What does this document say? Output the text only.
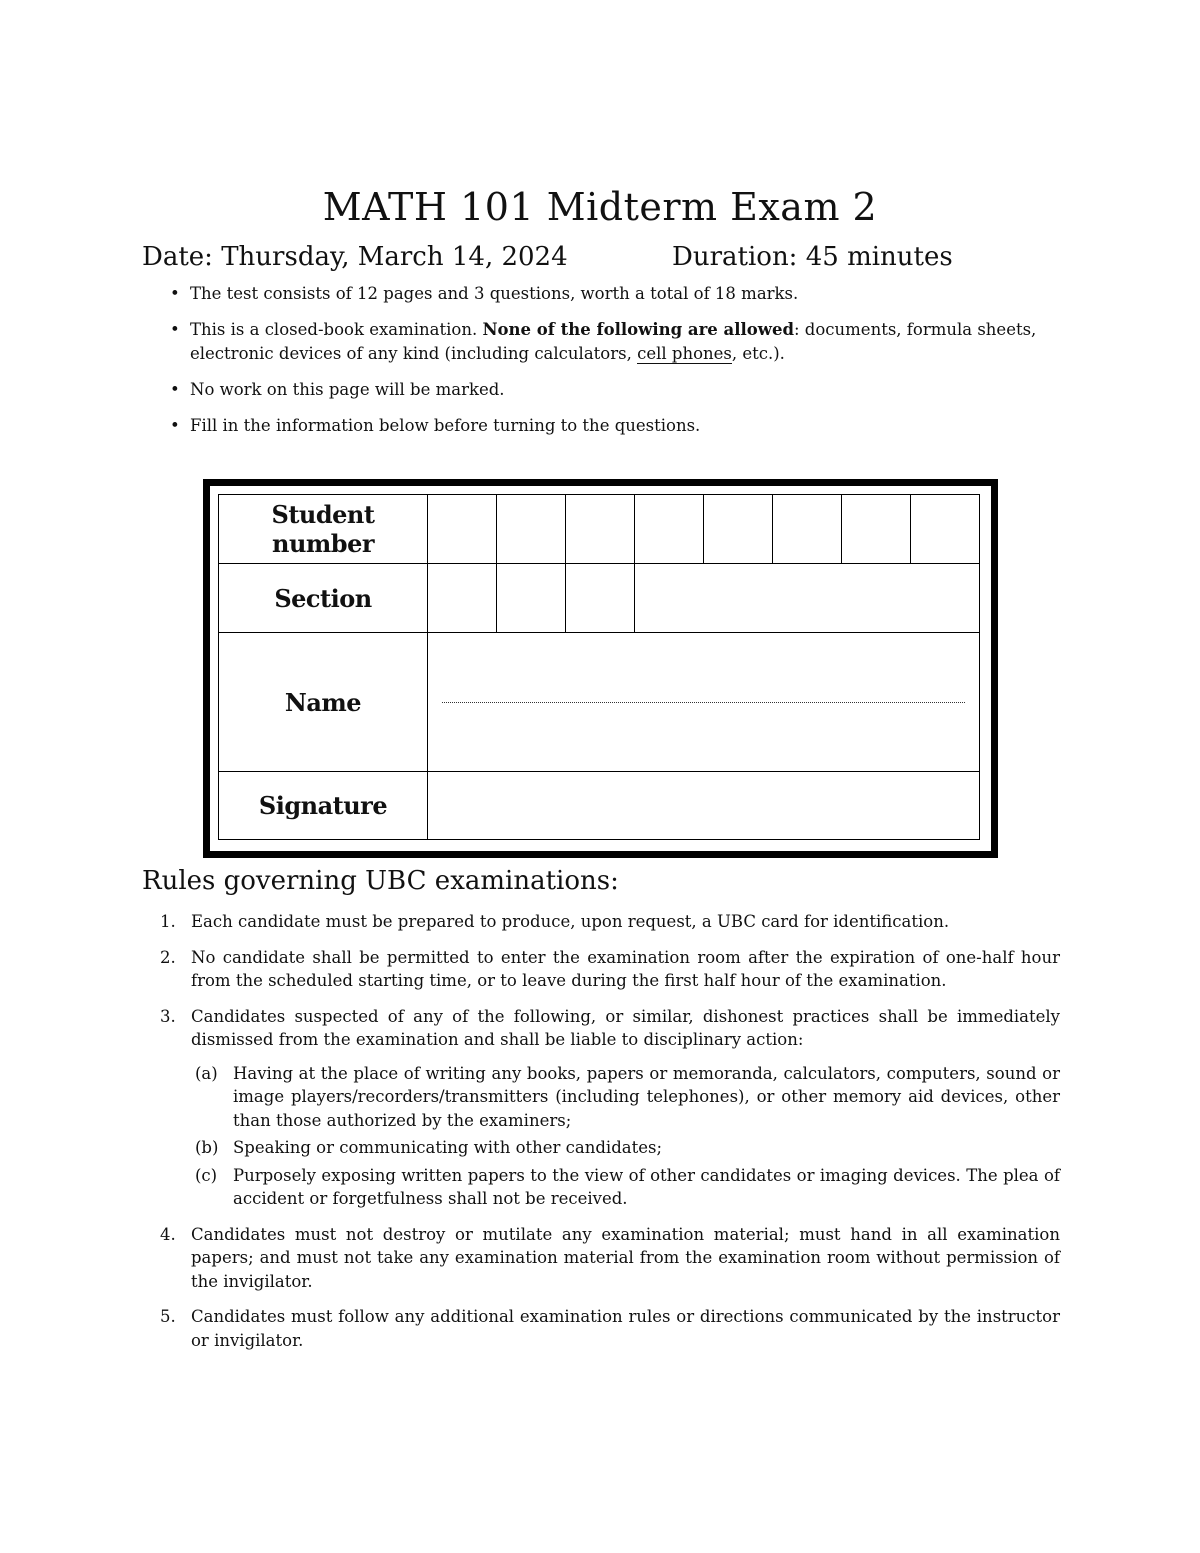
MATH 101 Midterm Exam 2
Date: Thursday, March 14, 2024	Duration: 45 minutes
• The test consists of 12 pages and 3 questions, worth a total of 18 marks.
• This is a closed-book examination. None of the following are allowed: documents, formula sheets, electronic devices of any kind (including calculators, cell phones, etc.).
• No work on this page will be marked.
• Fill in the information below before turning to the questions.
Student number								
Section								
Name								

Signature								
Rules governing UBC examinations:
1. Each candidate must be prepared to produce, upon request, a UBC card for identification.
2. No candidate shall be permitted to enter the examination room after the expiration of one-half hour from the scheduled starting time, or to leave during the first half hour of the examination.
3. Candidates suspected of any of the following, or similar, dishonest practices shall be immediately dismissed from the examination and shall be liable to disciplinary action:
(a) Having at the place of writing any books, papers or memoranda, calculators, computers, sound or image players/recorders/transmitters (including telephones), or other memory aid devices, other than those authorized by the examiners;
(b) Speaking or communicating with other candidates;
(c) Purposely exposing written papers to the view of other candidates or imaging devices. The plea of accident or forgetfulness shall not be received.
4. Candidates must not destroy or mutilate any examination material; must hand in all examination papers; and must not take any examination material from the examination room without permission of the invigilator.
5. Candidates must follow any additional examination rules or directions communicated by the instructor or invigilator.
